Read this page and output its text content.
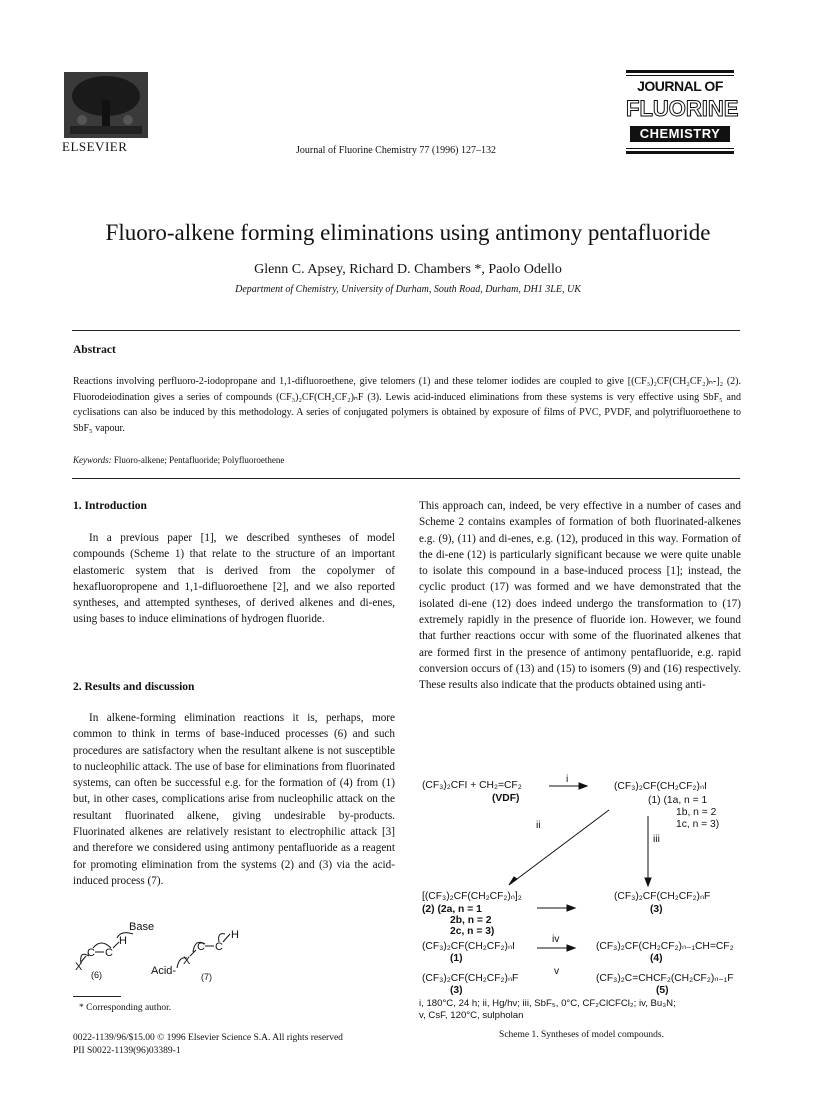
ELSEVIER	Journal of Fluorine Chemistry 77 (1996) 127–132
JOURNAL OF
FLUORINE
CHEMISTRY
Fluoro-alkene forming eliminations using antimony pentafluoride
Glenn C. Apsey, Richard D. Chambers *, Paolo Odello
Department of Chemistry, University of Durham, South Road, Durham, DH1 3LE, UK
Abstract
Reactions involving perfluoro-2-iodopropane and 1,1-difluoroethene, give telomers (1) and these telomer iodides are coupled to give [(CF₃)₂CF(CH₂CF₂)ₙ-]₂ (2). Fluorodeiodination gives a series of compounds (CF₃)₂CF(CH₂CF₂)ₙF (3). Lewis acid-induced eliminations from these systems is very effective using SbF₅ and cyclisations can also be induced by this methodology. A series of conjugated polymers is obtained by exposure of films of PVC, PVDF, and polytrifluoroethene to SbF₅ vapour.
Keywords: Fluoro-alkene; Pentafluoride; Polyfluoroethene
1. Introduction

In a previous paper [1], we described syntheses of model compounds (Scheme 1) that relate to the structure of an important elastomeric system that is derived from the copolymer of hexafluoropropene and 1,1-difluoroethene [2], and we also reported syntheses, and attempted syntheses, of derived alkenes and di-enes, using bases to induce eliminations of hydrogen fluoride.

2. Results and discussion

In alkene-forming elimination reactions it is, perhaps, more common to think in terms of base-induced processes (6) and such procedures are satisfactory when the resultant alkene is not susceptible to nucleophilic attack. The use of base for eliminations from fluorinated systems, can often be successful e.g. for the formation of (4) from (1) but, in other cases, complications arise from nucleophilic attack on the resultant fluorinated alkene, giving undesirable by-products. Fluorinated alkenes are relatively resistant to electrophilic attack [3] and therefore we considered using antimony pentafluoride as a reagent for promoting elimination from the systems (2) and (3) via the acid-induced process (7).

Base
H
C C
X
(6)	Acid-
X
C C
H
(7)
* Corresponding author.
0022-1139/96/$15.00 © 1996 Elsevier Science S.A. All rights reserved
PII S0022-1139(96)03389-1

This approach can, indeed, be very effective in a number of cases and Scheme 2 contains examples of formation of both fluorinated-alkenes e.g. (9), (11) and di-enes, e.g. (12), produced in this way. Formation of the di-ene (12) is particularly significant because we were quite unable to isolate this compound in a base-induced process [1]; instead, the cyclic product (17) was formed and we have demonstrated that the isolated di-ene (12) does indeed undergo the transformation to (17) extremely rapidly in the presence of fluoride ion. However, we found that further reactions occur with some of the fluorinated alkenes that are formed first in the presence of antimony pentafluoride, e.g. rapid conversion occurs of (13) and (15) to isomers (9) and (16) respectively. These results also indicate that the products obtained using anti-

(CF₃)₂CFI + CH₂=CF₂
(VDF)
i
(CF₃)₂CF(CH₂CF₂)ₙI
(1) (1a, n = 1
1b, n = 2
1c, n = 3)
ii
iii
[(CF₃)₂CF(CH₂CF₂)ₙ]₂
(2) (2a, n = 1
2b, n = 2
2c, n = 3)
(CF₃)₂CF(CH₂CF₂)ₙF
(3)
(CF₃)₂CF(CH₂CF₂)ₙI
(1)
iv
(CF₃)₂CF(CH₂CF₂)ₙ₋₁CH=CF₂
(4)
(CF₃)₂CF(CH₂CF₂)ₙF
(3)
v
(CF₃)₂C=CHCF₂(CH₂CF₂)ₙ₋₁F
(5)
Scheme 1. Syntheses of model compounds.
i, 180°C, 24 h; ii, Hg/hν; iii, SbF₅, 0°C, CF₂ClCFCl₂; iv, Bu₃N;
v, CsF, 120°C, sulpholan
